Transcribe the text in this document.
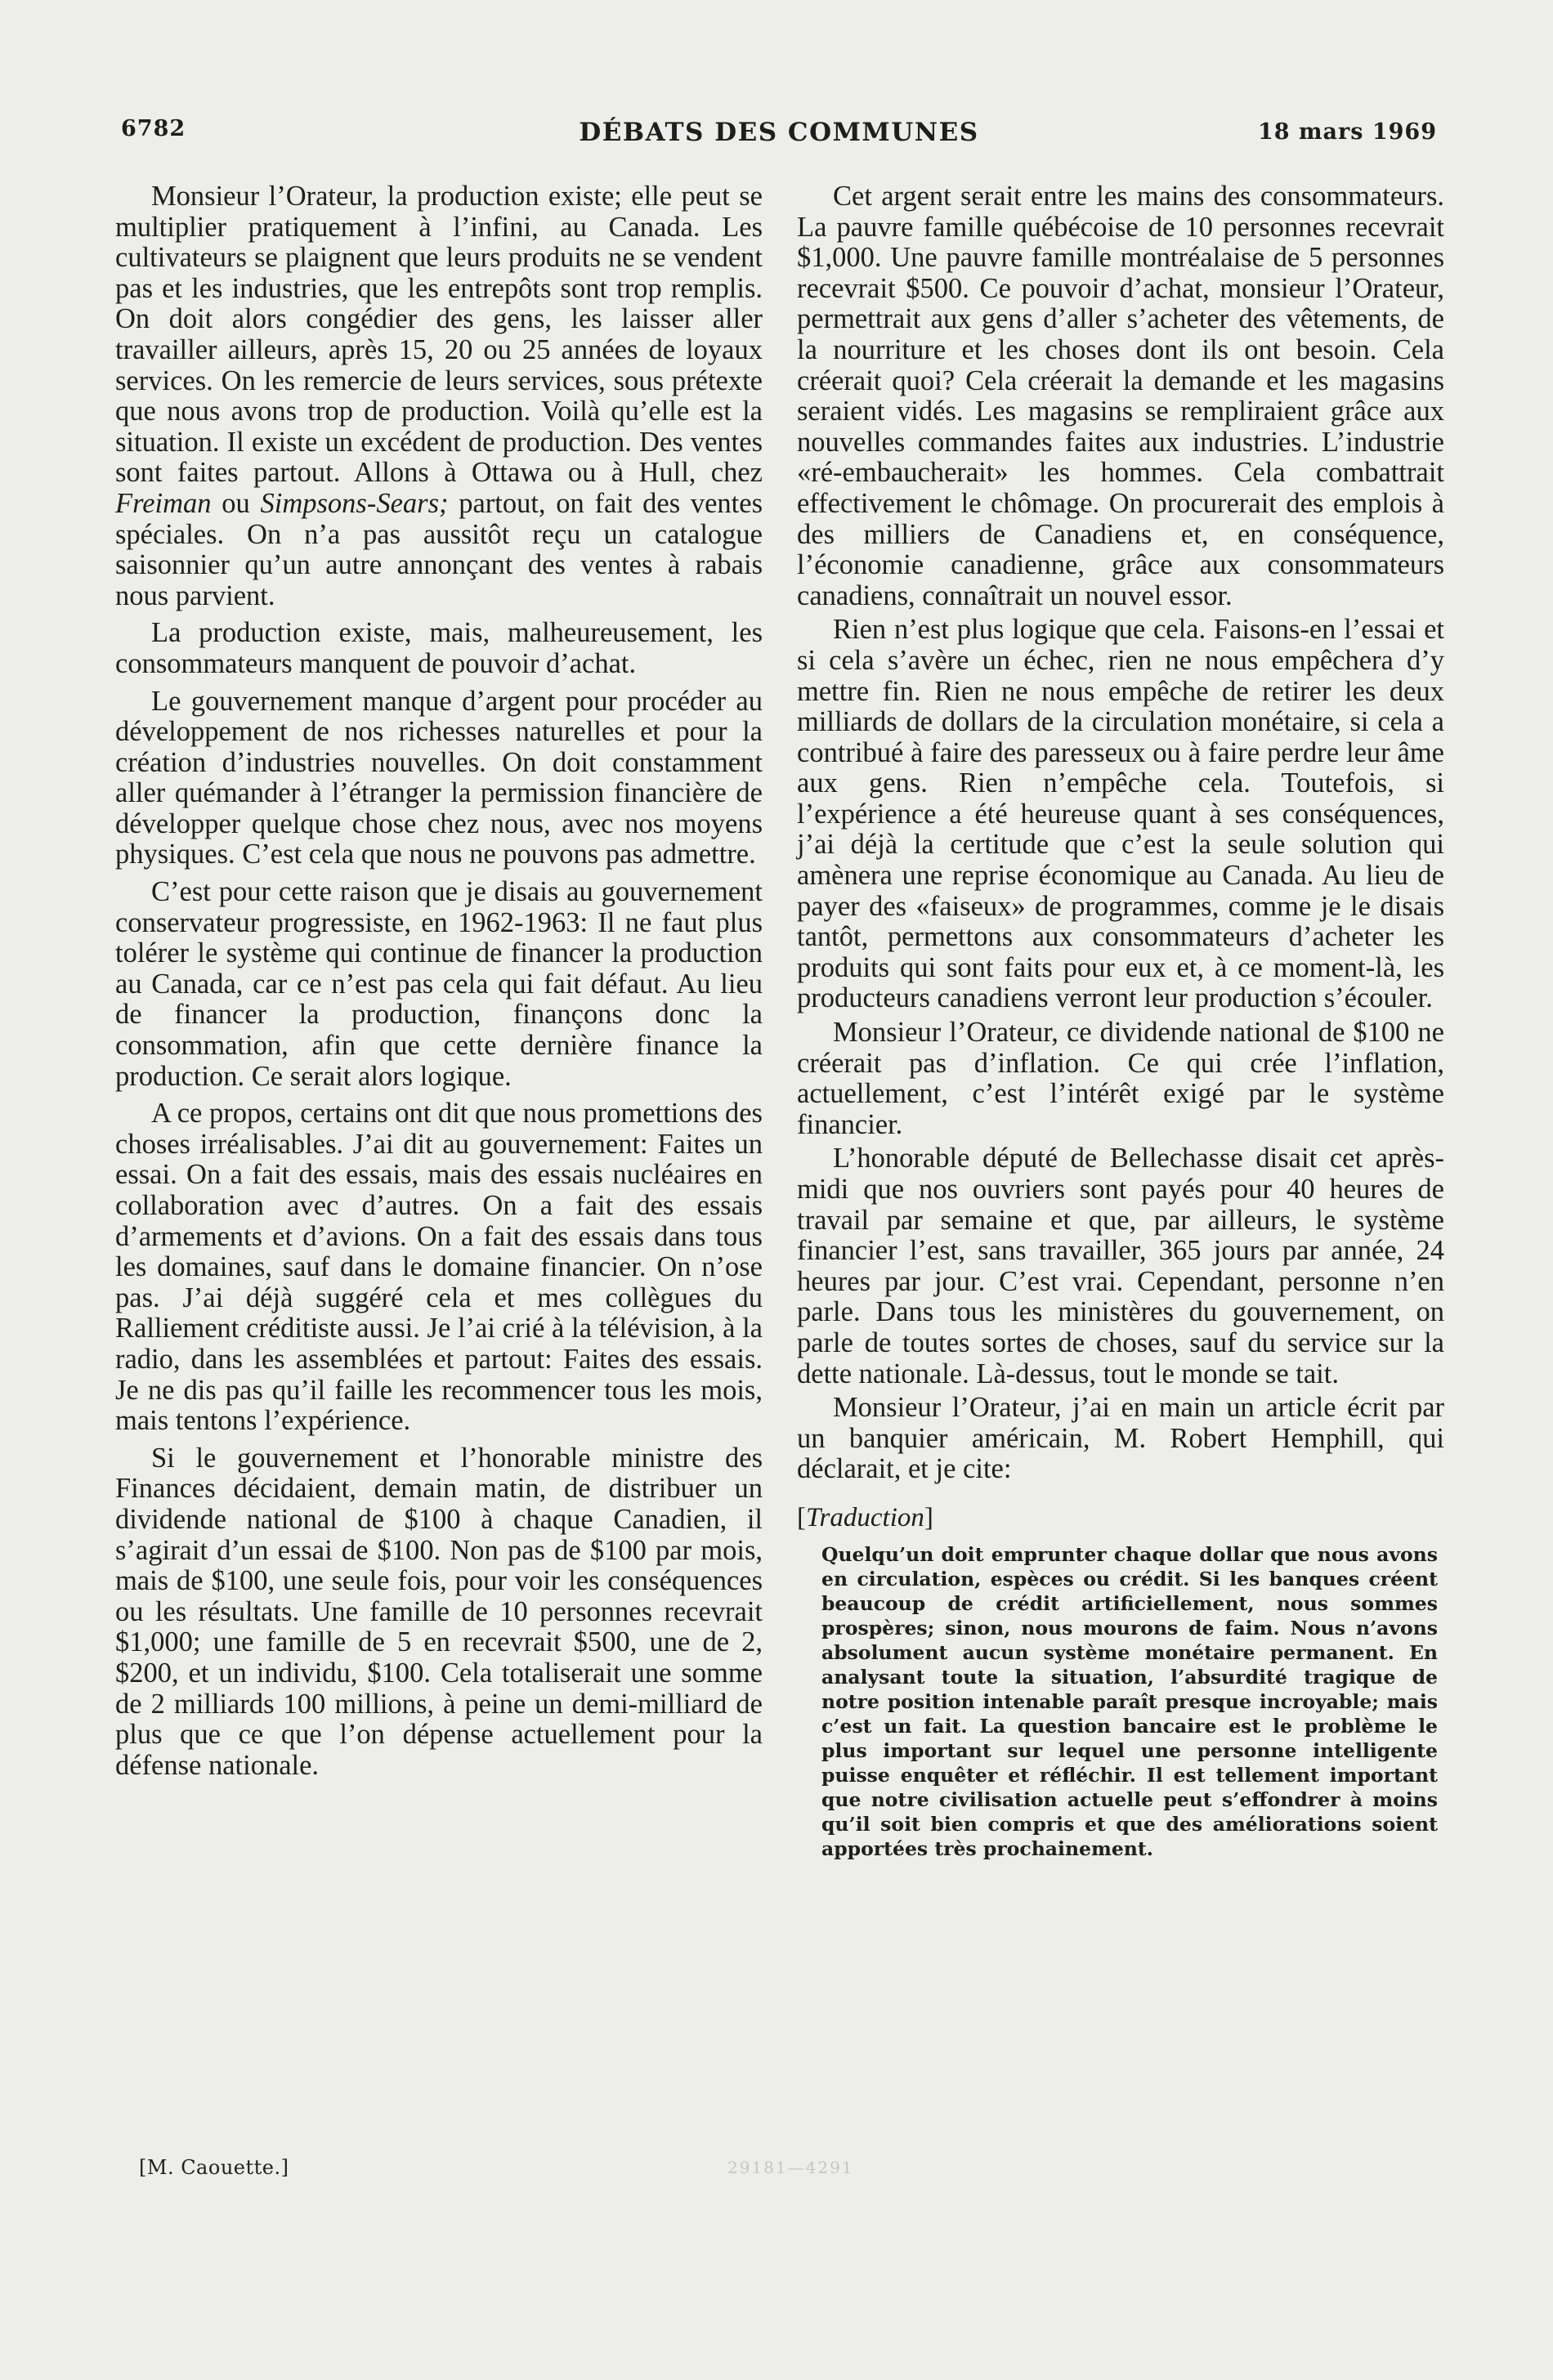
6782	DÉBATS DES COMMUNES	18 mars 1969

Monsieur l’Orateur, la production existe; elle peut se multiplier pratiquement à l’infini, au Canada. Les cultivateurs se plaignent que leurs produits ne se vendent pas et les industries, que les entrepôts sont trop remplis. On doit alors congédier des gens, les laisser aller travailler ailleurs, après 15, 20 ou 25 années de loyaux services. On les remercie de leurs services, sous prétexte que nous avons trop de production. Voilà qu’elle est la situation. Il existe un excédent de production. Des ventes sont faites partout. Allons à Ottawa ou à Hull, chez Freiman ou Simpsons-Sears; partout, on fait des ventes spéciales. On n’a pas aussitôt reçu un catalogue saisonnier qu’un autre annonçant des ventes à rabais nous parvient.

La production existe, mais, malheureusement, les consommateurs manquent de pouvoir d’achat.

Le gouvernement manque d’argent pour procéder au développement de nos richesses naturelles et pour la création d’industries nouvelles. On doit constamment aller quémander à l’étranger la permission financière de développer quelque chose chez nous, avec nos moyens physiques. C’est cela que nous ne pouvons pas admettre.

C’est pour cette raison que je disais au gouvernement conservateur progressiste, en 1962-1963: Il ne faut plus tolérer le système qui continue de financer la production au Canada, car ce n’est pas cela qui fait défaut. Au lieu de financer la production, finançons donc la consommation, afin que cette dernière finance la production. Ce serait alors logique.

A ce propos, certains ont dit que nous promettions des choses irréalisables. J’ai dit au gouvernement: Faites un essai. On a fait des essais, mais des essais nucléaires en collaboration avec d’autres. On a fait des essais d’armements et d’avions. On a fait des essais dans tous les domaines, sauf dans le domaine financier. On n’ose pas. J’ai déjà suggéré cela et mes collègues du Ralliement créditiste aussi. Je l’ai crié à la télévision, à la radio, dans les assemblées et partout: Faites des essais. Je ne dis pas qu’il faille les recommencer tous les mois, mais tentons l’expérience.

Si le gouvernement et l’honorable ministre des Finances décidaient, demain matin, de distribuer un dividende national de $100 à chaque Canadien, il s’agirait d’un essai de $100. Non pas de $100 par mois, mais de $100, une seule fois, pour voir les conséquences ou les résultats. Une famille de 10 personnes recevrait $1,000; une famille de 5 en recevrait $500, une de 2, $200, et un individu, $100. Cela totaliserait une somme de 2 milliards 100 millions, à peine un demi-milliard de plus que ce que l’on dépense actuellement pour la défense nationale.

Cet argent serait entre les mains des consommateurs. La pauvre famille québécoise de 10 personnes recevrait $1,000. Une pauvre famille montréalaise de 5 personnes recevrait $500. Ce pouvoir d’achat, monsieur l’Orateur, permettrait aux gens d’aller s’acheter des vêtements, de la nourriture et les choses dont ils ont besoin. Cela créerait quoi? Cela créerait la demande et les magasins seraient vidés. Les magasins se rempliraient grâce aux nouvelles commandes faites aux industries. L’industrie «ré-embaucherait» les hommes. Cela combattrait effectivement le chômage. On procurerait des emplois à des milliers de Canadiens et, en conséquence, l’économie canadienne, grâce aux consommateurs canadiens, connaîtrait un nouvel essor.

Rien n’est plus logique que cela. Faisons-en l’essai et si cela s’avère un échec, rien ne nous empêchera d’y mettre fin. Rien ne nous empêche de retirer les deux milliards de dollars de la circulation monétaire, si cela a contribué à faire des paresseux ou à faire perdre leur âme aux gens. Rien n’empêche cela. Toutefois, si l’expérience a été heureuse quant à ses conséquences, j’ai déjà la certitude que c’est la seule solution qui amènera une reprise économique au Canada. Au lieu de payer des «faiseux» de programmes, comme je le disais tantôt, permettons aux consommateurs d’acheter les produits qui sont faits pour eux et, à ce moment-là, les producteurs canadiens verront leur production s’écouler.

Monsieur l’Orateur, ce dividende national de $100 ne créerait pas d’inflation. Ce qui crée l’inflation, actuellement, c’est l’intérêt exigé par le système financier.

L’honorable député de Bellechasse disait cet après-midi que nos ouvriers sont payés pour 40 heures de travail par semaine et que, par ailleurs, le système financier l’est, sans travailler, 365 jours par année, 24 heures par jour. C’est vrai. Cependant, personne n’en parle. Dans tous les ministères du gouvernement, on parle de toutes sortes de choses, sauf du service sur la dette nationale. Là-dessus, tout le monde se tait.

Monsieur l’Orateur, j’ai en main un article écrit par un banquier américain, M. Robert Hemphill, qui déclarait, et je cite:

[Traduction]
Quelqu’un doit emprunter chaque dollar que nous avons en circulation, espèces ou crédit. Si les banques créent beaucoup de crédit artificiellement, nous sommes prospères; sinon, nous mourons de faim. Nous n’avons absolument aucun système monétaire permanent. En analysant toute la situation, l’absurdité tragique de notre position intenable paraît presque incroyable; mais c’est un fait. La question bancaire est le problème le plus important sur lequel une personne intelligente puisse enquêter et réfléchir. Il est tellement important que notre civilisation actuelle peut s’effondrer à moins qu’il soit bien compris et que des améliorations soient apportées très prochainement.
[M. Caouette.]	29181—4291
